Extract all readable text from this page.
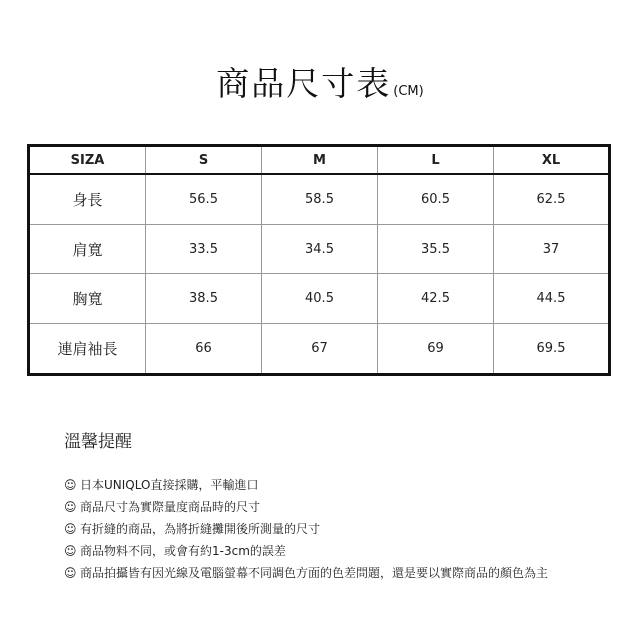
商品尺寸表 (CM)
SIZA	S	M	L	XL
身長	56.5	58.5	60.5	62.5
肩寬	33.5	34.5	35.5	37
胸寬	38.5	40.5	42.5	44.5
連肩袖長	66	67	69	69.5
溫馨提醒
☺ 日本UNIQLO直接採購，平輸進口
☺ 商品尺寸為實際量度商品時的尺寸
☺ 有折縫的商品，為將折縫攤開後所測量的尺寸
☺ 商品物料不同，或會有約1-3cm的誤差
☺ 商品拍攝皆有因光線及電腦螢幕不同調色方面的色差問題，還是要以實際商品的顏色為主
